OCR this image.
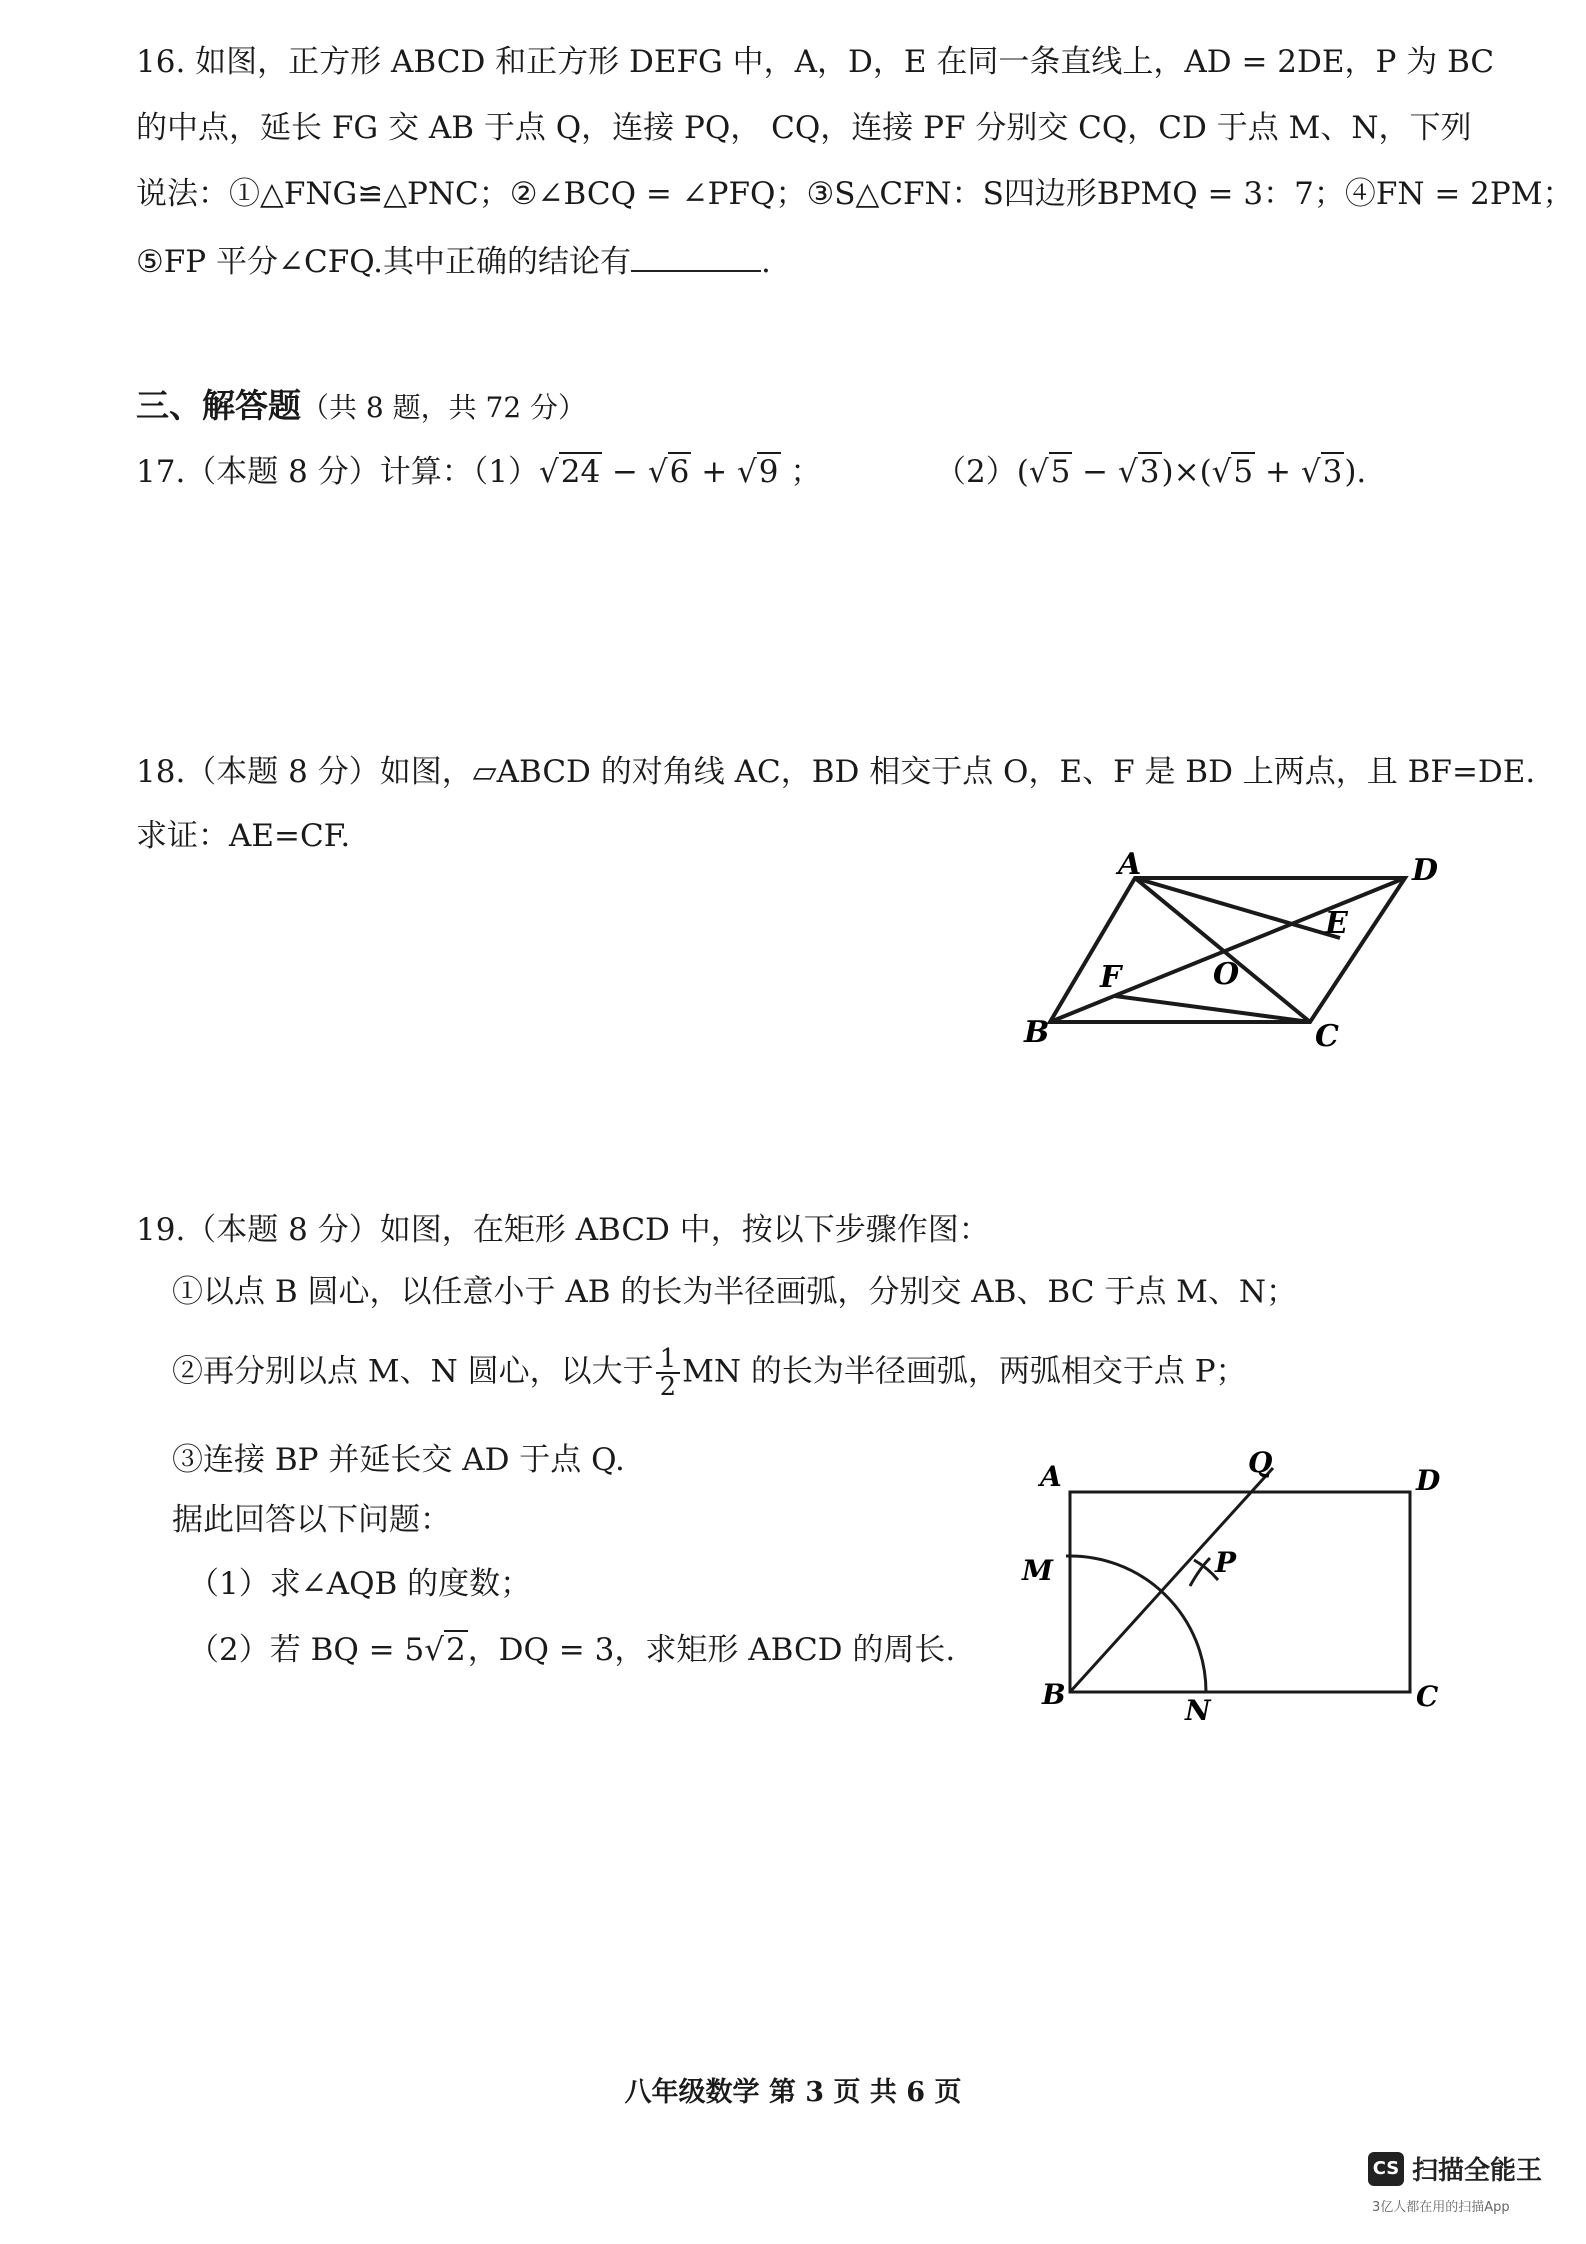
16. 如图，正方形 ABCD 和正方形 DEFG 中，A，D，E 在同一条直线上，AD = 2DE，P 为 BC
的中点，延长 FG 交 AB 于点 Q，连接 PQ， CQ，连接 PF 分别交 CQ，CD 于点 M、N，下列
说法：①△FNG≌△PNC；②∠BCQ = ∠PFQ；③S△CFN：S四边形BPMQ = 3：7；④FN = 2PM；
⑤FP 平分∠CFQ.其中正确的结论有	.
三、解答题（共 8 题，共 72 分）
17.（本题 8 分）计算：（1）√24 − √6 + √9 ；	（2）(√5 − √3)×(√5 + √3).
18.（本题 8 分）如图，▱ABCD 的对角线 AC，BD 相交于点 O，E、F 是 BD 上两点，且 BF=DE.
求证：AE=CF.
A	D
B	C
E
F	O
19.（本题 8 分）如图，在矩形 ABCD 中，按以下步骤作图：
①以点 B 圆心，以任意小于 AB 的长为半径画弧，分别交 AB、BC 于点 M、N；
②再分别以点 M、N 圆心，以大于 $\frac{1}{2}$ MN 的长为半径画弧，两弧相交于点 P；
③连接 BP 并延长交 AD 于点 Q.
据此回答以下问题：
（1）求∠AQB 的度数；
（2）若 BQ = 5√2，DQ = 3，求矩形 ABCD 的周长.
A	Q
D
P
M
B	N	C
八年级数学 第 3 页 共 6 页
CS 扫描全能王
3亿人都在用的扫描App
